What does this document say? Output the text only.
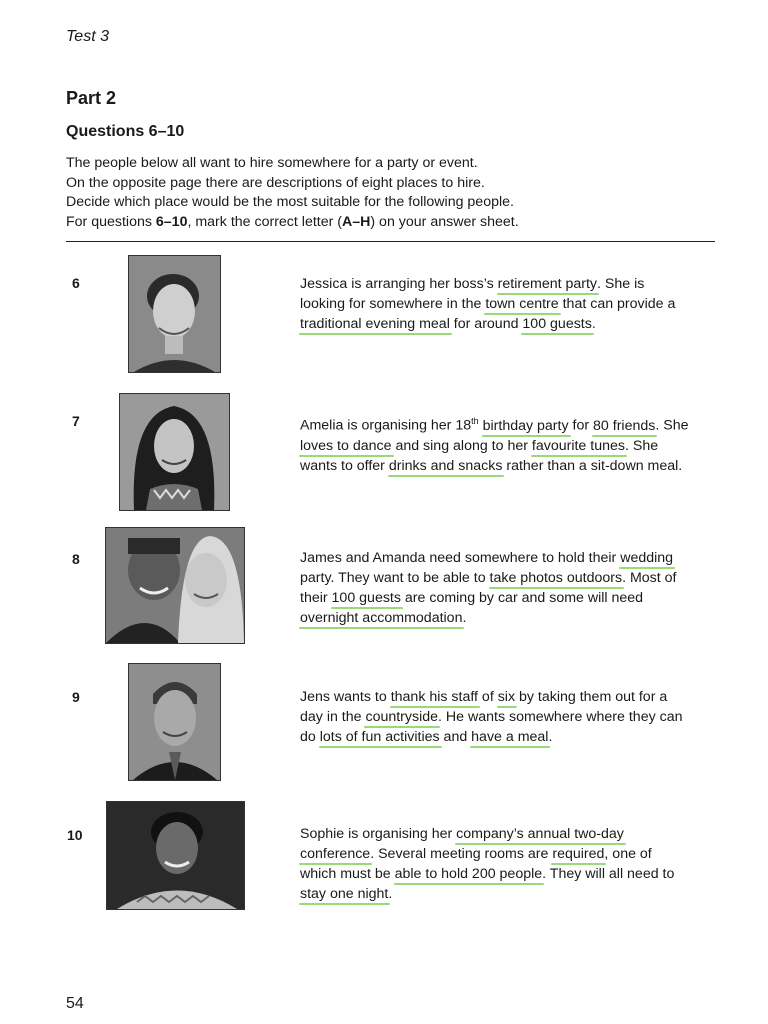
Test 3
Part 2
Questions 6–10
The people below all want to hire somewhere for a party or event.
On the opposite page there are descriptions of eight places to hire.
Decide which place would be the most suitable for the following people.
For questions 6–10, mark the correct letter (A–H) on your answer sheet.
6	Jessica is arranging her boss’s retirement party. She is
looking for somewhere in the town centre that can provide a
traditional evening meal for around 100 guests.
7	Amelia is organising her 18th birthday party for 80 friends. She
loves to dance and sing along to her favourite tunes. She
wants to offer drinks and snacks rather than a sit-down meal.
8	James and Amanda need somewhere to hold their wedding
party. They want to be able to take photos outdoors. Most of
their 100 guests are coming by car and some will need
overnight accommodation.
9	Jens wants to thank his staff of six by taking them out for a
day in the countryside. He wants somewhere where they can
do lots of fun activities and have a meal.
10	Sophie is organising her company’s annual two-day
conference. Several meeting rooms are required, one of
which must be able to hold 200 people. They will all need to
stay one night.
54
